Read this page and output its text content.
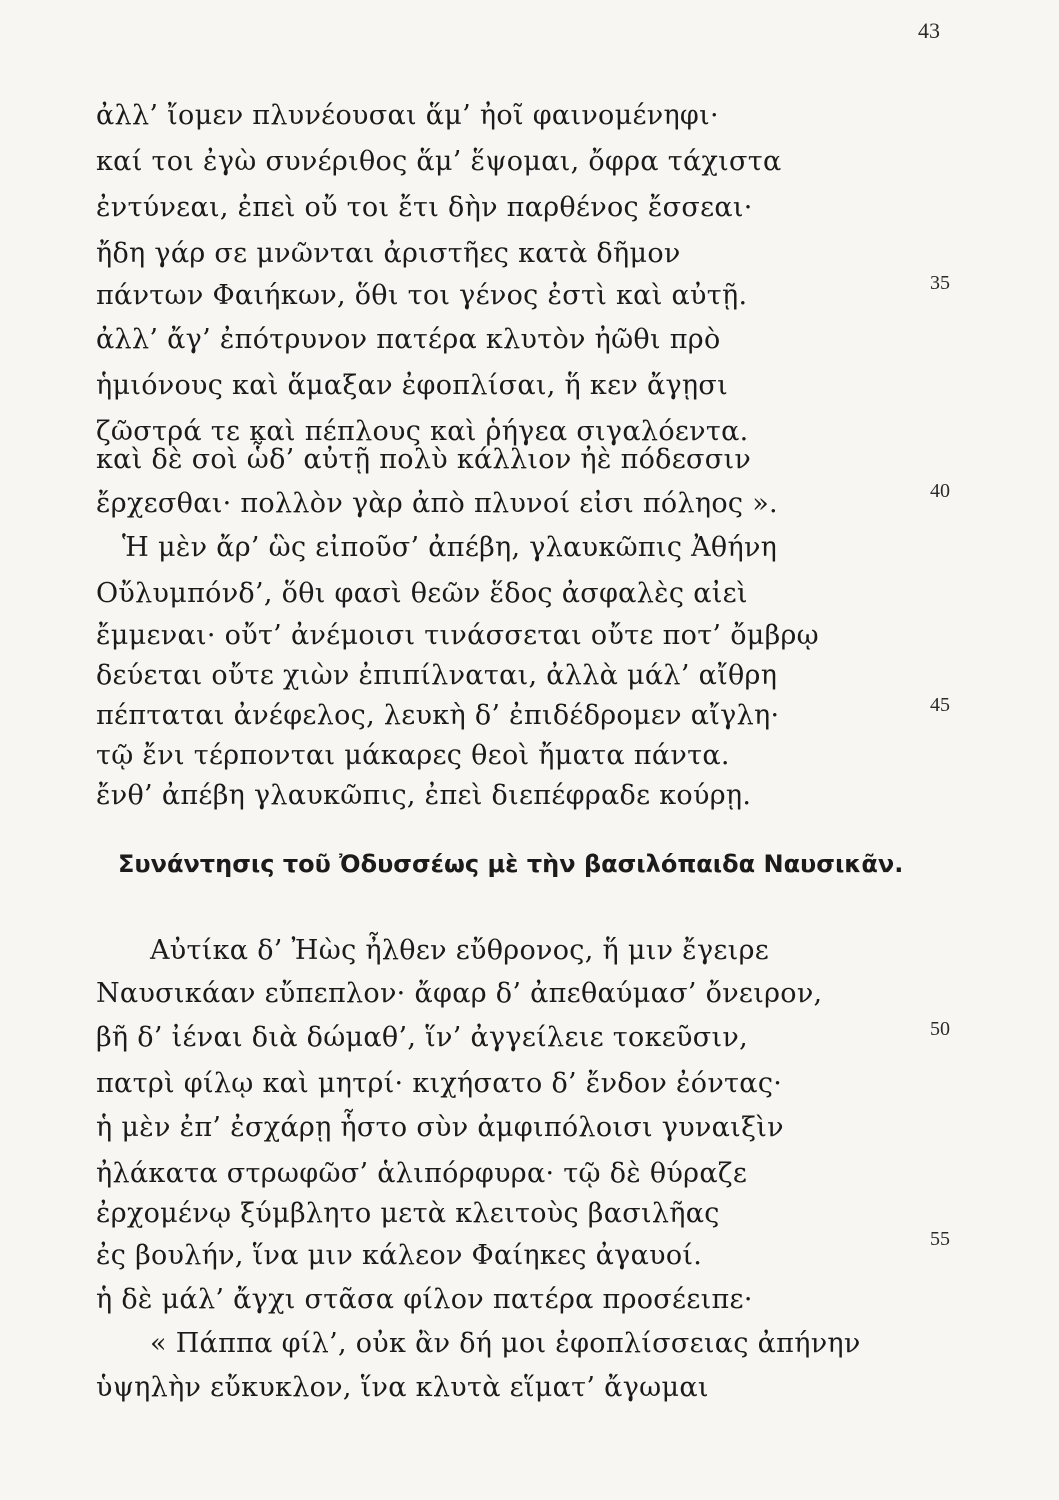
43
ἀλλ’ ἴομεν πλυνέουσαι ἅμ’ ἠοῖ φαινομένηφι·
καί τοι ἐγὼ συνέριθος ἅμ’ ἕψομαι, ὄφρα τάχιστα
ἐντύνεαι, ἐπεὶ οὔ τοι ἔτι δὴν παρθένος ἔσσεαι·
ἤδη γάρ σε μνῶνται ἀριστῆες κατὰ δῆμον
πάντων Φαιήκων, ὅθι τοι γένος ἐστὶ καὶ αὐτῇ.	35
ἀλλ’ ἄγ’ ἐπότρυνον πατέρα κλυτὸν ἠῶθι πρὸ
ἡμιόνους καὶ ἅμαξαν ἐφοπλίσαι, ἥ κεν ἄγῃσι
ζῶστρά τε καὶ πέπλους καὶ ῥήγεα σιγαλόεντα.
καὶ δὲ σοὶ ὧδ’ αὐτῇ πολὺ κάλλιον ἠὲ πόδεσσιν
ἔρχεσθαι· πολλὸν γὰρ ἀπὸ πλυνοί εἰσι πόληος ».	40
Ἡ μὲν ἄρ’ ὣς εἰποῦσ’ ἀπέβη, γλαυκῶπις Ἀθήνη
Οὔλυμπόνδ’, ὅθι φασὶ θεῶν ἕδος ἀσφαλὲς αἰεὶ
ἔμμεναι· οὔτ’ ἀνέμοισι τινάσσεται οὔτε ποτ’ ὄμβρῳ
δεύεται οὔτε χιὼν ἐπιπίλναται, ἀλλὰ μάλ’ αἴθρη
πέπταται ἀνέφελος, λευκὴ δ’ ἐπιδέδρομεν αἴγλη·	45
τῷ ἔνι τέρπονται μάκαρες θεοὶ ἤματα πάντα.
ἔνθ’ ἀπέβη γλαυκῶπις, ἐπεὶ διεπέφραδε κούρῃ.
Συνάντησις τοῦ Ὀδυσσέως μὲ τὴν βασιλόπαιδα Ναυσικᾶν.
Αὐτίκα δ’ Ἠὼς ἦλθεν εὔθρονος, ἥ μιν ἔγειρε
Ναυσικάαν εὔπεπλον· ἄφαρ δ’ ἀπεθαύμασ’ ὄνειρον,
βῆ δ’ ἰέναι διὰ δώμαθ’, ἵν’ ἀγγείλειε τοκεῦσιν,	50
πατρὶ φίλῳ καὶ μητρί· κιχήσατο δ’ ἔνδον ἐόντας·
ἡ μὲν ἐπ’ ἐσχάρῃ ἧστο σὺν ἀμφιπόλοισι γυναιξὶν
ἠλάκατα στρωφῶσ’ ἁλιπόρφυρα· τῷ δὲ θύραζε
ἐρχομένῳ ξύμβλητο μετὰ κλειτοὺς βασιλῆας
ἐς βουλήν, ἵνα μιν κάλεον Φαίηκες ἀγαυοί.
55
ἡ δὲ μάλ’ ἄγχι στᾶσα φίλον πατέρα προσέειπε·
« Πάππα φίλ’, οὐκ ἂν δή μοι ἐφοπλίσσειας ἀπήνην
ὑψηλὴν εὔκυκλον, ἵνα κλυτὰ εἵματ’ ἄγωμαι
